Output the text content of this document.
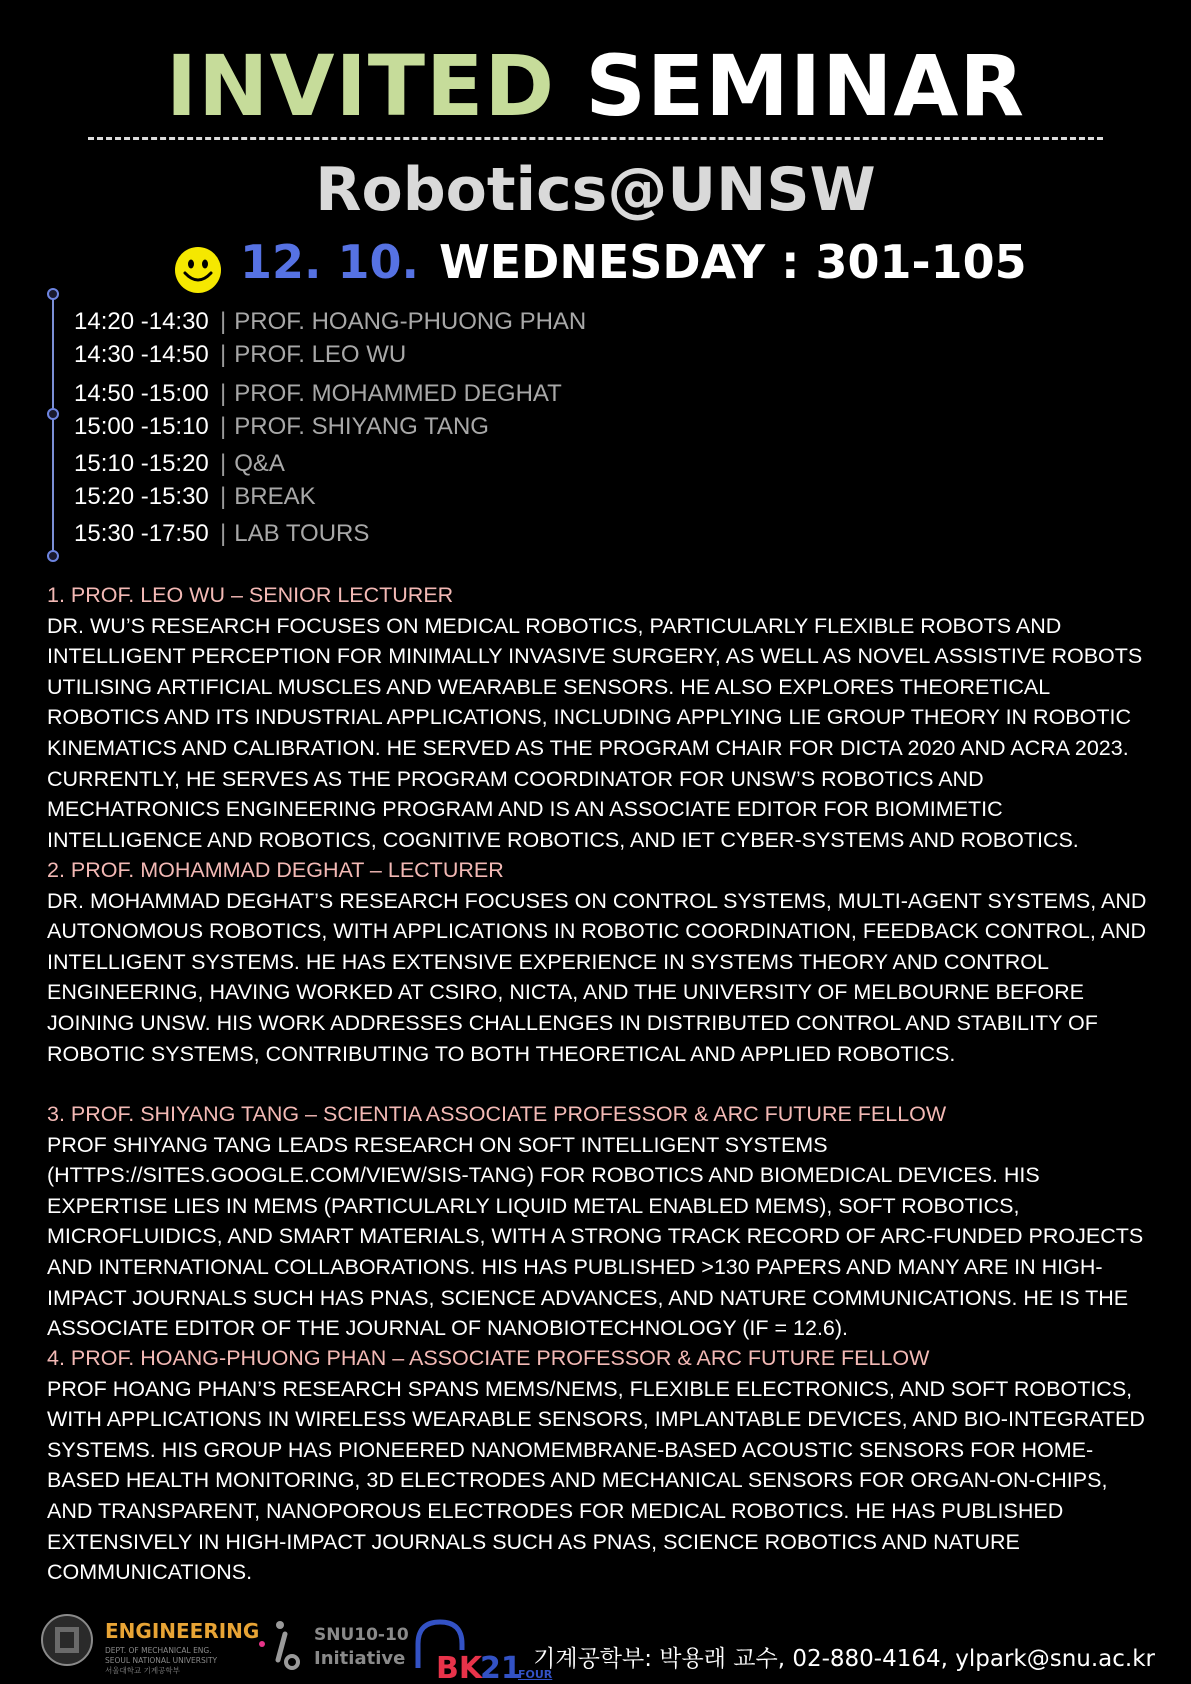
INVITED SEMINAR
Robotics@UNSW
12. 10. WEDNESDAY : 301-105
14:20 -14:30 | PROF. HOANG-PHUONG PHAN
14:30 -14:50 | PROF. LEO WU
14:50 -15:00 | PROF. MOHAMMED DEGHAT
15:00 -15:10 | PROF. SHIYANG TANG
15:10 -15:20 | Q&A
15:20 -15:30 | BREAK
15:30 -17:50 | LAB TOURS
1. PROF. LEO WU – SENIOR LECTURER
DR. WU’S RESEARCH FOCUSES ON MEDICAL ROBOTICS, PARTICULARLY FLEXIBLE ROBOTS AND INTELLIGENT PERCEPTION FOR MINIMALLY INVASIVE SURGERY, AS WELL AS NOVEL ASSISTIVE ROBOTS UTILISING ARTIFICIAL MUSCLES AND WEARABLE SENSORS. HE ALSO EXPLORES THEORETICAL ROBOTICS AND ITS INDUSTRIAL APPLICATIONS, INCLUDING APPLYING LIE GROUP THEORY IN ROBOTIC KINEMATICS AND CALIBRATION. HE SERVED AS THE PROGRAM CHAIR FOR DICTA 2020 AND ACRA 2023. CURRENTLY, HE SERVES AS THE PROGRAM COORDINATOR FOR UNSW’S ROBOTICS AND MECHATRONICS ENGINEERING PROGRAM AND IS AN ASSOCIATE EDITOR FOR BIOMIMETIC INTELLIGENCE AND ROBOTICS, COGNITIVE ROBOTICS, AND IET CYBER-SYSTEMS AND ROBOTICS.
2. PROF. MOHAMMAD DEGHAT – LECTURER
DR. MOHAMMAD DEGHAT’S RESEARCH FOCUSES ON CONTROL SYSTEMS, MULTI-AGENT SYSTEMS, AND AUTONOMOUS ROBOTICS, WITH APPLICATIONS IN ROBOTIC COORDINATION, FEEDBACK CONTROL, AND INTELLIGENT SYSTEMS. HE HAS EXTENSIVE EXPERIENCE IN SYSTEMS THEORY AND CONTROL ENGINEERING, HAVING WORKED AT CSIRO, NICTA, AND THE UNIVERSITY OF MELBOURNE BEFORE JOINING UNSW. HIS WORK ADDRESSES CHALLENGES IN DISTRIBUTED CONTROL AND STABILITY OF ROBOTIC SYSTEMS, CONTRIBUTING TO BOTH THEORETICAL AND APPLIED ROBOTICS.
3. PROF. SHIYANG TANG – SCIENTIA ASSOCIATE PROFESSOR & ARC FUTURE FELLOW
PROF SHIYANG TANG LEADS RESEARCH ON SOFT INTELLIGENT SYSTEMS (HTTPS://SITES.GOOGLE.COM/VIEW/SIS-TANG) FOR ROBOTICS AND BIOMEDICAL DEVICES. HIS EXPERTISE LIES IN MEMS (PARTICULARLY LIQUID METAL ENABLED MEMS), SOFT ROBOTICS, MICROFLUIDICS, AND SMART MATERIALS, WITH A STRONG TRACK RECORD OF ARC-FUNDED PROJECTS AND INTERNATIONAL COLLABORATIONS. HIS HAS PUBLISHED >130 PAPERS AND MANY ARE IN HIGH-IMPACT JOURNALS SUCH HAS PNAS, SCIENCE ADVANCES, AND NATURE COMMUNICATIONS. HE IS THE ASSOCIATE EDITOR OF THE JOURNAL OF NANOBIOTECHNOLOGY (IF = 12.6).
4. PROF. HOANG-PHUONG PHAN – ASSOCIATE PROFESSOR & ARC FUTURE FELLOW
PROF HOANG PHAN’S RESEARCH SPANS MEMS/NEMS, FLEXIBLE ELECTRONICS, AND SOFT ROBOTICS, WITH APPLICATIONS IN WIRELESS WEARABLE SENSORS, IMPLANTABLE DEVICES, AND BIO-INTEGRATED SYSTEMS. HIS GROUP HAS PIONEERED NANOMEMBRANE-BASED ACOUSTIC SENSORS FOR HOME-BASED HEALTH MONITORING, 3D ELECTRODES AND MECHANICAL SENSORS FOR ORGAN-ON-CHIPS, AND TRANSPARENT, NANOPOROUS ELECTRODES FOR MEDICAL ROBOTICS. HE HAS PUBLISHED EXTENSIVELY IN HIGH-IMPACT JOURNALS SUCH AS PNAS, SCIENCE ROBOTICS AND NATURE COMMUNICATIONS.
ENGINEERING
DEPT. OF MECHANICAL ENG.
SEOUL NATIONAL UNIVERSITY
서울대학교 기계공학부
SNU10-10
Initiative BK
21
FOUR
기계공학부: 박용래 교수, 02-880-4164, ylpark@snu.ac.kr
